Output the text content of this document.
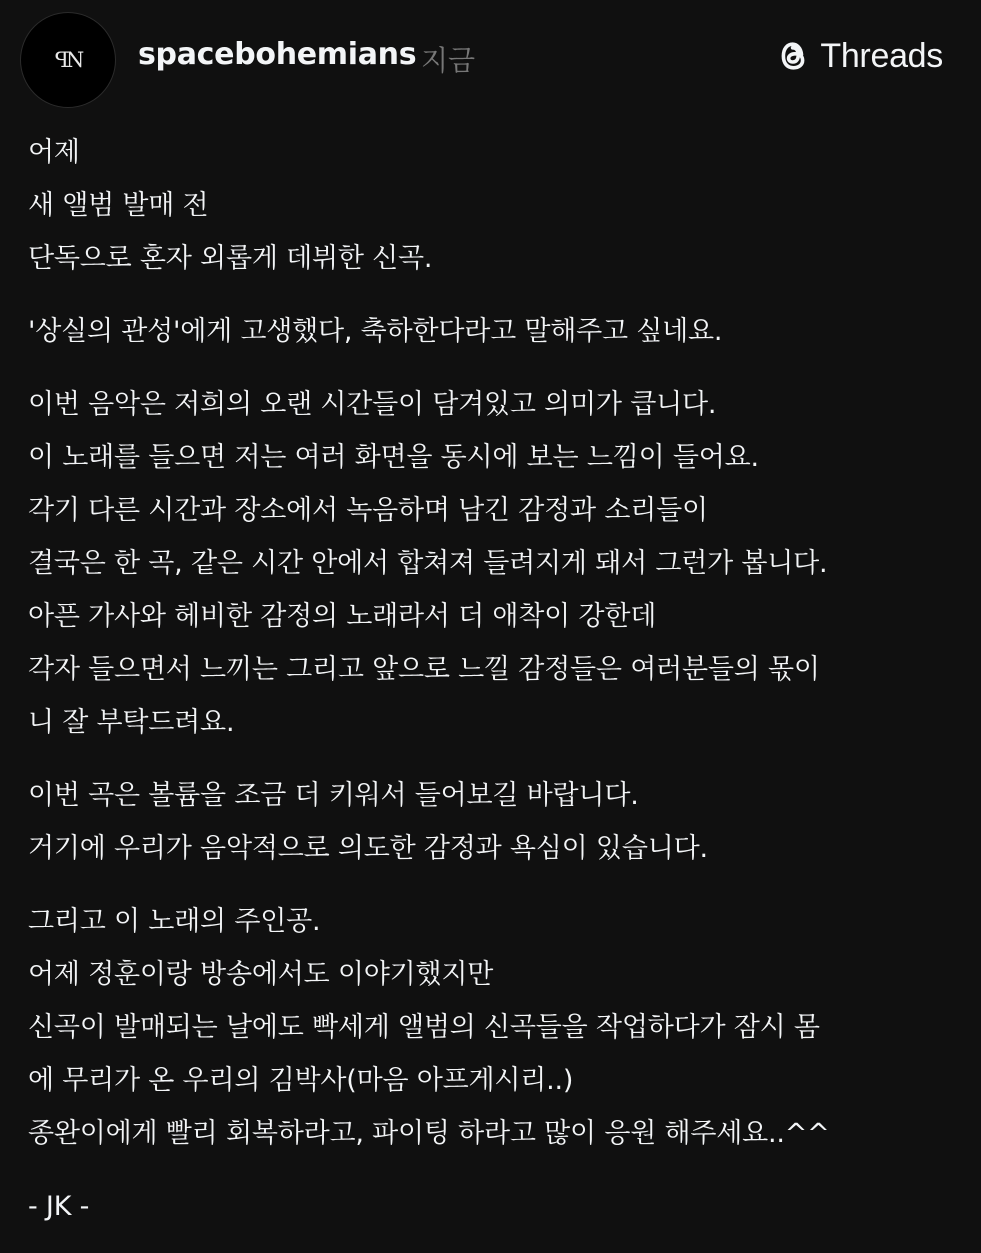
ꟼN spacebohemians 지금	Threads
어제
새 앨범 발매 전
단독으로 혼자 외롭게 데뷔한 신곡.
'상실의 관성'에게 고생했다, 축하한다라고 말해주고 싶네요.
이번 음악은 저희의 오랜 시간들이 담겨있고 의미가 큽니다.
이 노래를 들으면 저는 여러 화면을 동시에 보는 느낌이 들어요.
각기 다른 시간과 장소에서 녹음하며 남긴 감정과 소리들이
결국은 한 곡, 같은 시간 안에서 합쳐져 들려지게 돼서 그런가 봅니다.
아픈 가사와 헤비한 감정의 노래라서 더 애착이 강한데
각자 들으면서 느끼는 그리고 앞으로 느낄 감정들은 여러분들의 몫이
니 잘 부탁드려요.
이번 곡은 볼륨을 조금 더 키워서 들어보길 바랍니다.
거기에 우리가 음악적으로 의도한 감정과 욕심이 있습니다.
그리고 이 노래의 주인공.
어제 정훈이랑 방송에서도 이야기했지만
신곡이 발매되는 날에도 빡세게 앨범의 신곡들을 작업하다가 잠시 몸
에 무리가 온 우리의 김박사(마음 아프게시리..)
종완이에게 빨리 회복하라고, 파이팅 하라고 많이 응원 해주세요..^^
- JK -
